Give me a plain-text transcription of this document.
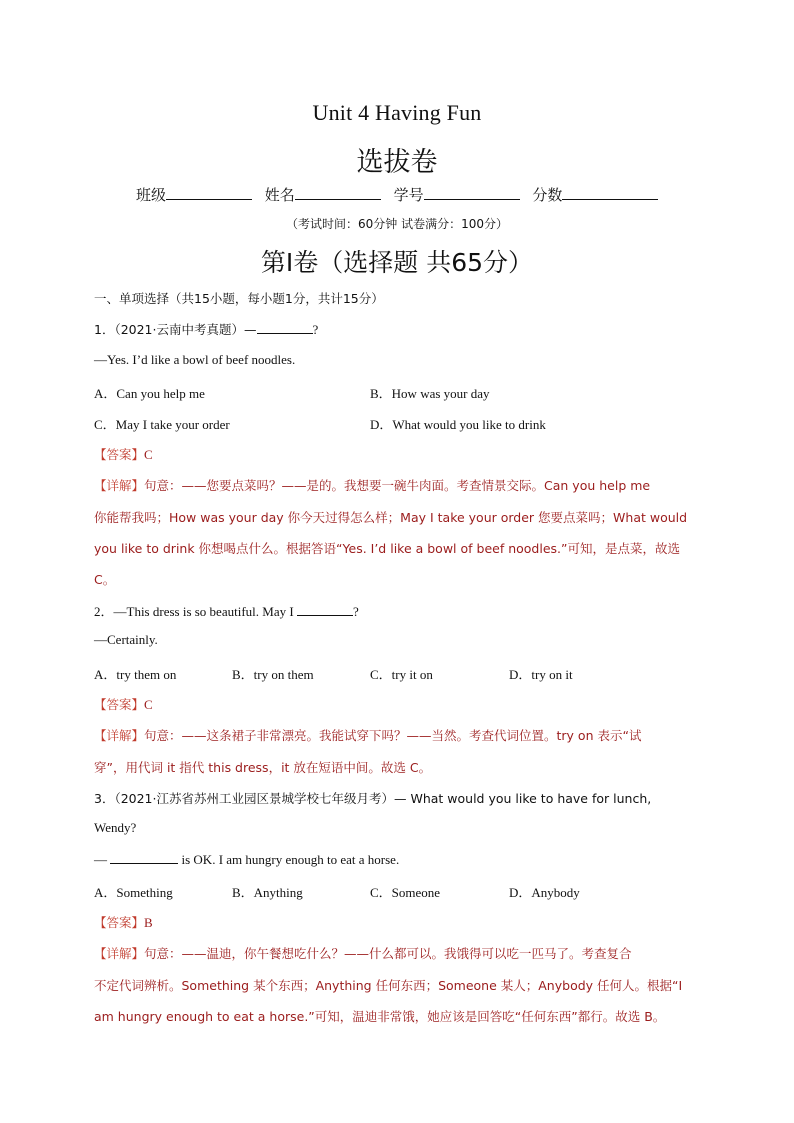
Unit 4 Having Fun
选拔卷
班级	姓名	学号	分数
（考试时间：60分钟 试卷满分：100分）
第Ⅰ卷（选择题 共65分）
一、单项选择（共15小题，每小题1分，共计15分）
1．（2021·云南中考真题）—	?
—Yes. I’d like a bowl of beef noodles.
A．Can you help me	B．How was your day
C．May I take your order	D．What would you like to drink
【答案】C
【详解】句意：——您要点菜吗？——是的。我想要一碗牛肉面。考查情景交际。Can you help me
你能帮我吗；How was your day 你今天过得怎么样；May I take your order 您要点菜吗；What would
you like to drink 你想喝点什么。根据答语“Yes. I’d like a bowl of beef noodles.”可知，是点菜，故选
C。
2．—This dress is so beautiful. May I	?
—Certainly.
A．try them on	B．try on them	C．try it on	D．try on it
【答案】C
【详解】句意：——这条裙子非常漂亮。我能试穿下吗？——当然。考查代词位置。try on 表示“试
穿”，用代词 it 指代 this dress，it 放在短语中间。故选 C。
3．（2021·江苏省苏州工业园区景城学校七年级月考）— What would you like to have for lunch,
Wendy?
—	is OK. I am hungry enough to eat a horse.
A．Something	B．Anything	C．Someone	D．Anybody
【答案】B
【详解】句意：——温迪，你午餐想吃什么？——什么都可以。我饿得可以吃一匹马了。考查复合
不定代词辨析。Something 某个东西；Anything 任何东西；Someone 某人；Anybody 任何人。根据“I
am hungry enough to eat a horse.”可知，温迪非常饿，她应该是回答吃“任何东西”都行。故选 B。
